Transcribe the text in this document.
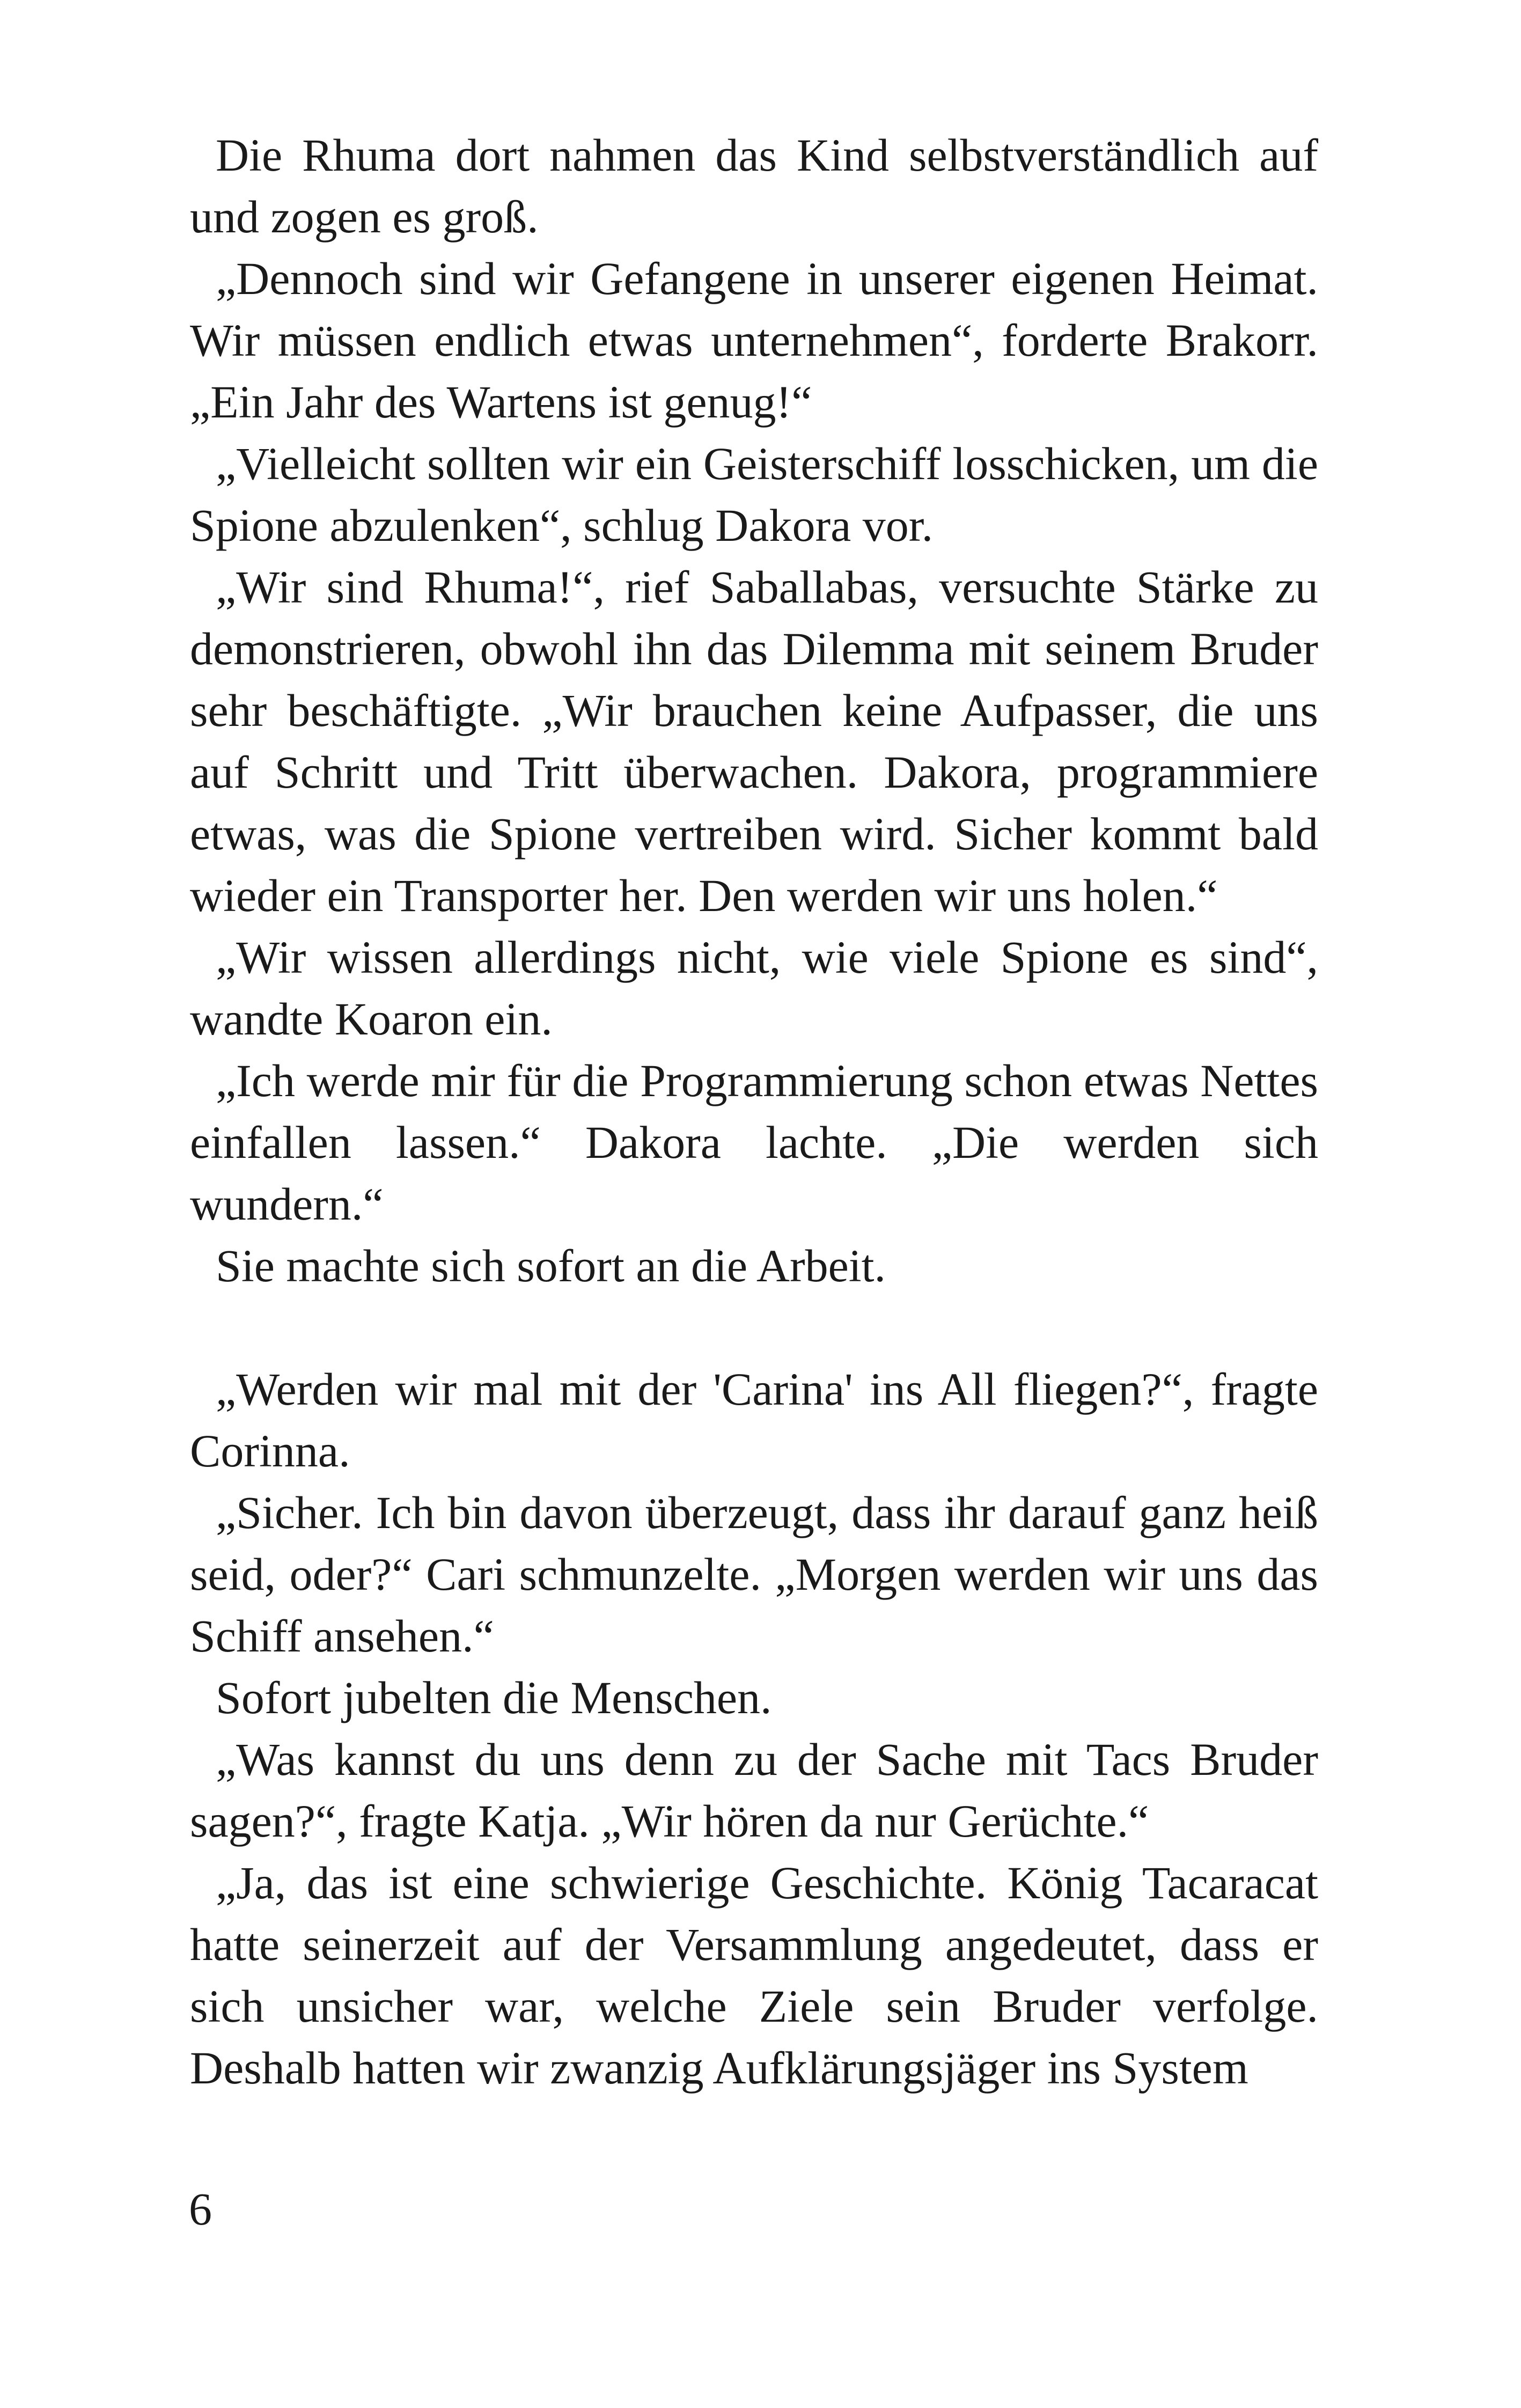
Die Rhuma dort nahmen das Kind selbstverständlich auf und zogen es groß.

„Dennoch sind wir Gefangene in unserer eigenen Heimat. Wir müssen endlich etwas unternehmen“, forderte Brakorr. „Ein Jahr des Wartens ist genug!“

„Vielleicht sollten wir ein Geisterschiff losschicken, um die Spione abzulenken“, schlug Dakora vor.

„Wir sind Rhuma!“, rief Saballabas, versuchte Stärke zu demonstrieren, obwohl ihn das Dilemma mit seinem Bruder sehr beschäftigte. „Wir brauchen keine Aufpasser, die uns auf Schritt und Tritt überwachen. Dakora, programmiere etwas, was die Spione vertreiben wird. Sicher kommt bald wieder ein Transporter her. Den werden wir uns holen.“

„Wir wissen allerdings nicht, wie viele Spione es sind“, wandte Koaron ein.

„Ich werde mir für die Programmierung schon etwas Nettes einfallen lassen.“ Dakora lachte. „Die werden sich wundern.“

Sie machte sich sofort an die Arbeit.

„Werden wir mal mit der 'Carina' ins All fliegen?“, fragte Corinna.

„Sicher. Ich bin davon überzeugt, dass ihr darauf ganz heiß seid, oder?“ Cari schmunzelte. „Morgen werden wir uns das Schiff ansehen.“

Sofort jubelten die Menschen.

„Was kannst du uns denn zu der Sache mit Tacs Bruder sagen?“, fragte Katja. „Wir hören da nur Gerüchte.“

„Ja, das ist eine schwierige Geschichte. König Tacaracat hatte seinerzeit auf der Versammlung angedeutet, dass er sich unsicher war, welche Ziele sein Bruder verfolge. Deshalb hatten wir zwanzig Aufklärungsjäger ins System

6
